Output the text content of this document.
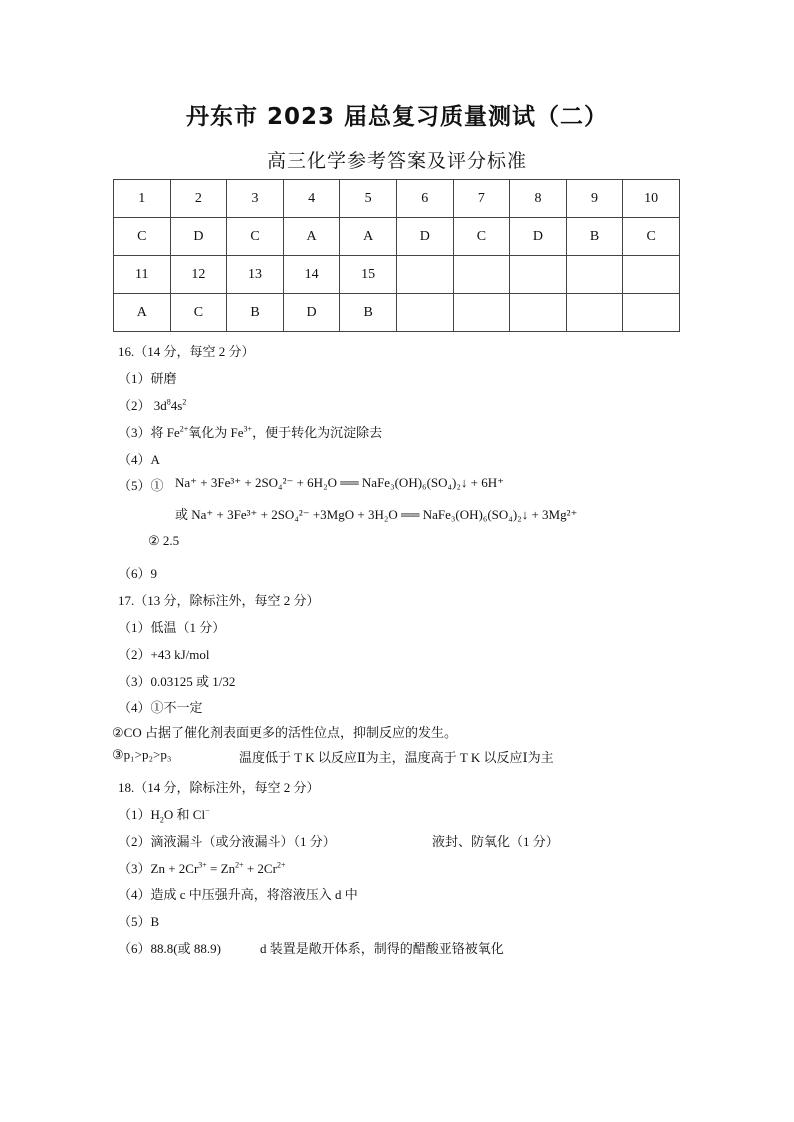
丹东市 2023 届总复习质量测试（二）
高三化学参考答案及评分标准
1	2	3	4	5	6	7	8	9	10
C	D	C	A	A	D	C	D	B	C
11	12	13	14	15					
A	C	B	D	B					
16.（14 分，每空 2 分）
（1）研磨
（2） $3d^84s^2$
（3）将 $Fe^{2+}$氧化为 $Fe^{3+}$，便于转化为沉淀除去
（4）A
（5）① Na⁺ + 3Fe³⁺ + 2SO₄²⁻ + 6H₂O ══ NaFe₃(OH)₆(SO₄)₂↓ + 6H⁺
或 Na⁺ + 3Fe³⁺ + 2SO₄²⁻ +3MgO + 3H₂O ══ NaFe₃(OH)₆(SO₄)₂↓ + 3Mg²⁺
② 2.5
（6）9
17.（13 分，除标注外，每空 2 分）
（1）低温（1 分）
（2）+43 kJ/mol
（3）0.03125 或 1/32
（4）①不一定
②CO 占据了催化剂表面更多的活性位点，抑制反应的发生。
③p₁>p₂>p₃	温度低于 T K 以反应Ⅱ为主，温度高于 T K 以反应Ⅰ为主
18.（14 分，除标注外，每空 2 分）
$(1)H_2O$ 和 Cl−
（2）滴液漏斗（或分液漏斗）（1 分）	液封、防氧化（1 分）
$(3)Zn + 2Cr^{3+} = Zn^{2+} + 2Cr^{2+}$
（4）造成 c 中压强升高，将溶液压入 d 中
（5）B
（6）88.8(或 88.9)	d 装置是敞开体系，制得的醋酸亚铬被氧化
